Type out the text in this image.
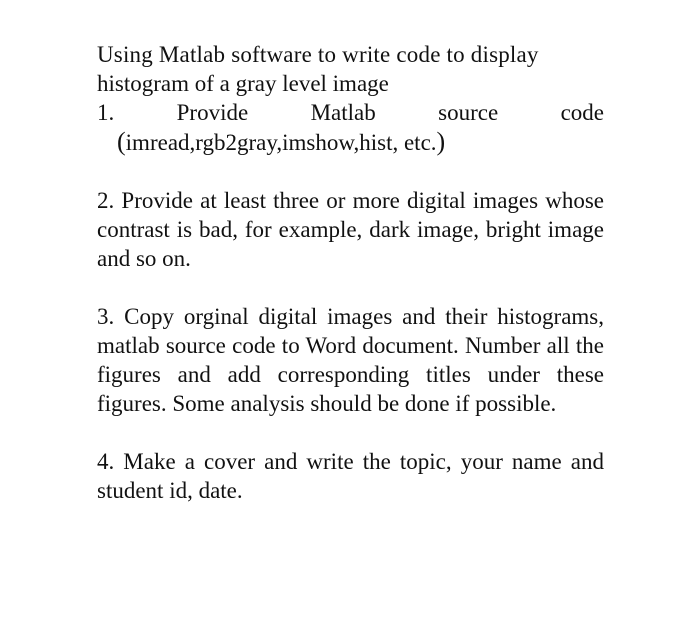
Using Matlab software to write code to display
histogram of a gray level image
1.	Provide	Matlab	source	code
(imread,rgb2gray,imshow,hist, etc.)

2. Provide at least three or more digital images whose contrast is bad, for example, dark image, bright image and so on.

3. Copy orginal digital images and their histograms, matlab source code to Word document. Number all the figures and add corresponding titles under these figures. Some analysis should be done if possible.

4. Make a cover and write the topic, your name and student id, date.
